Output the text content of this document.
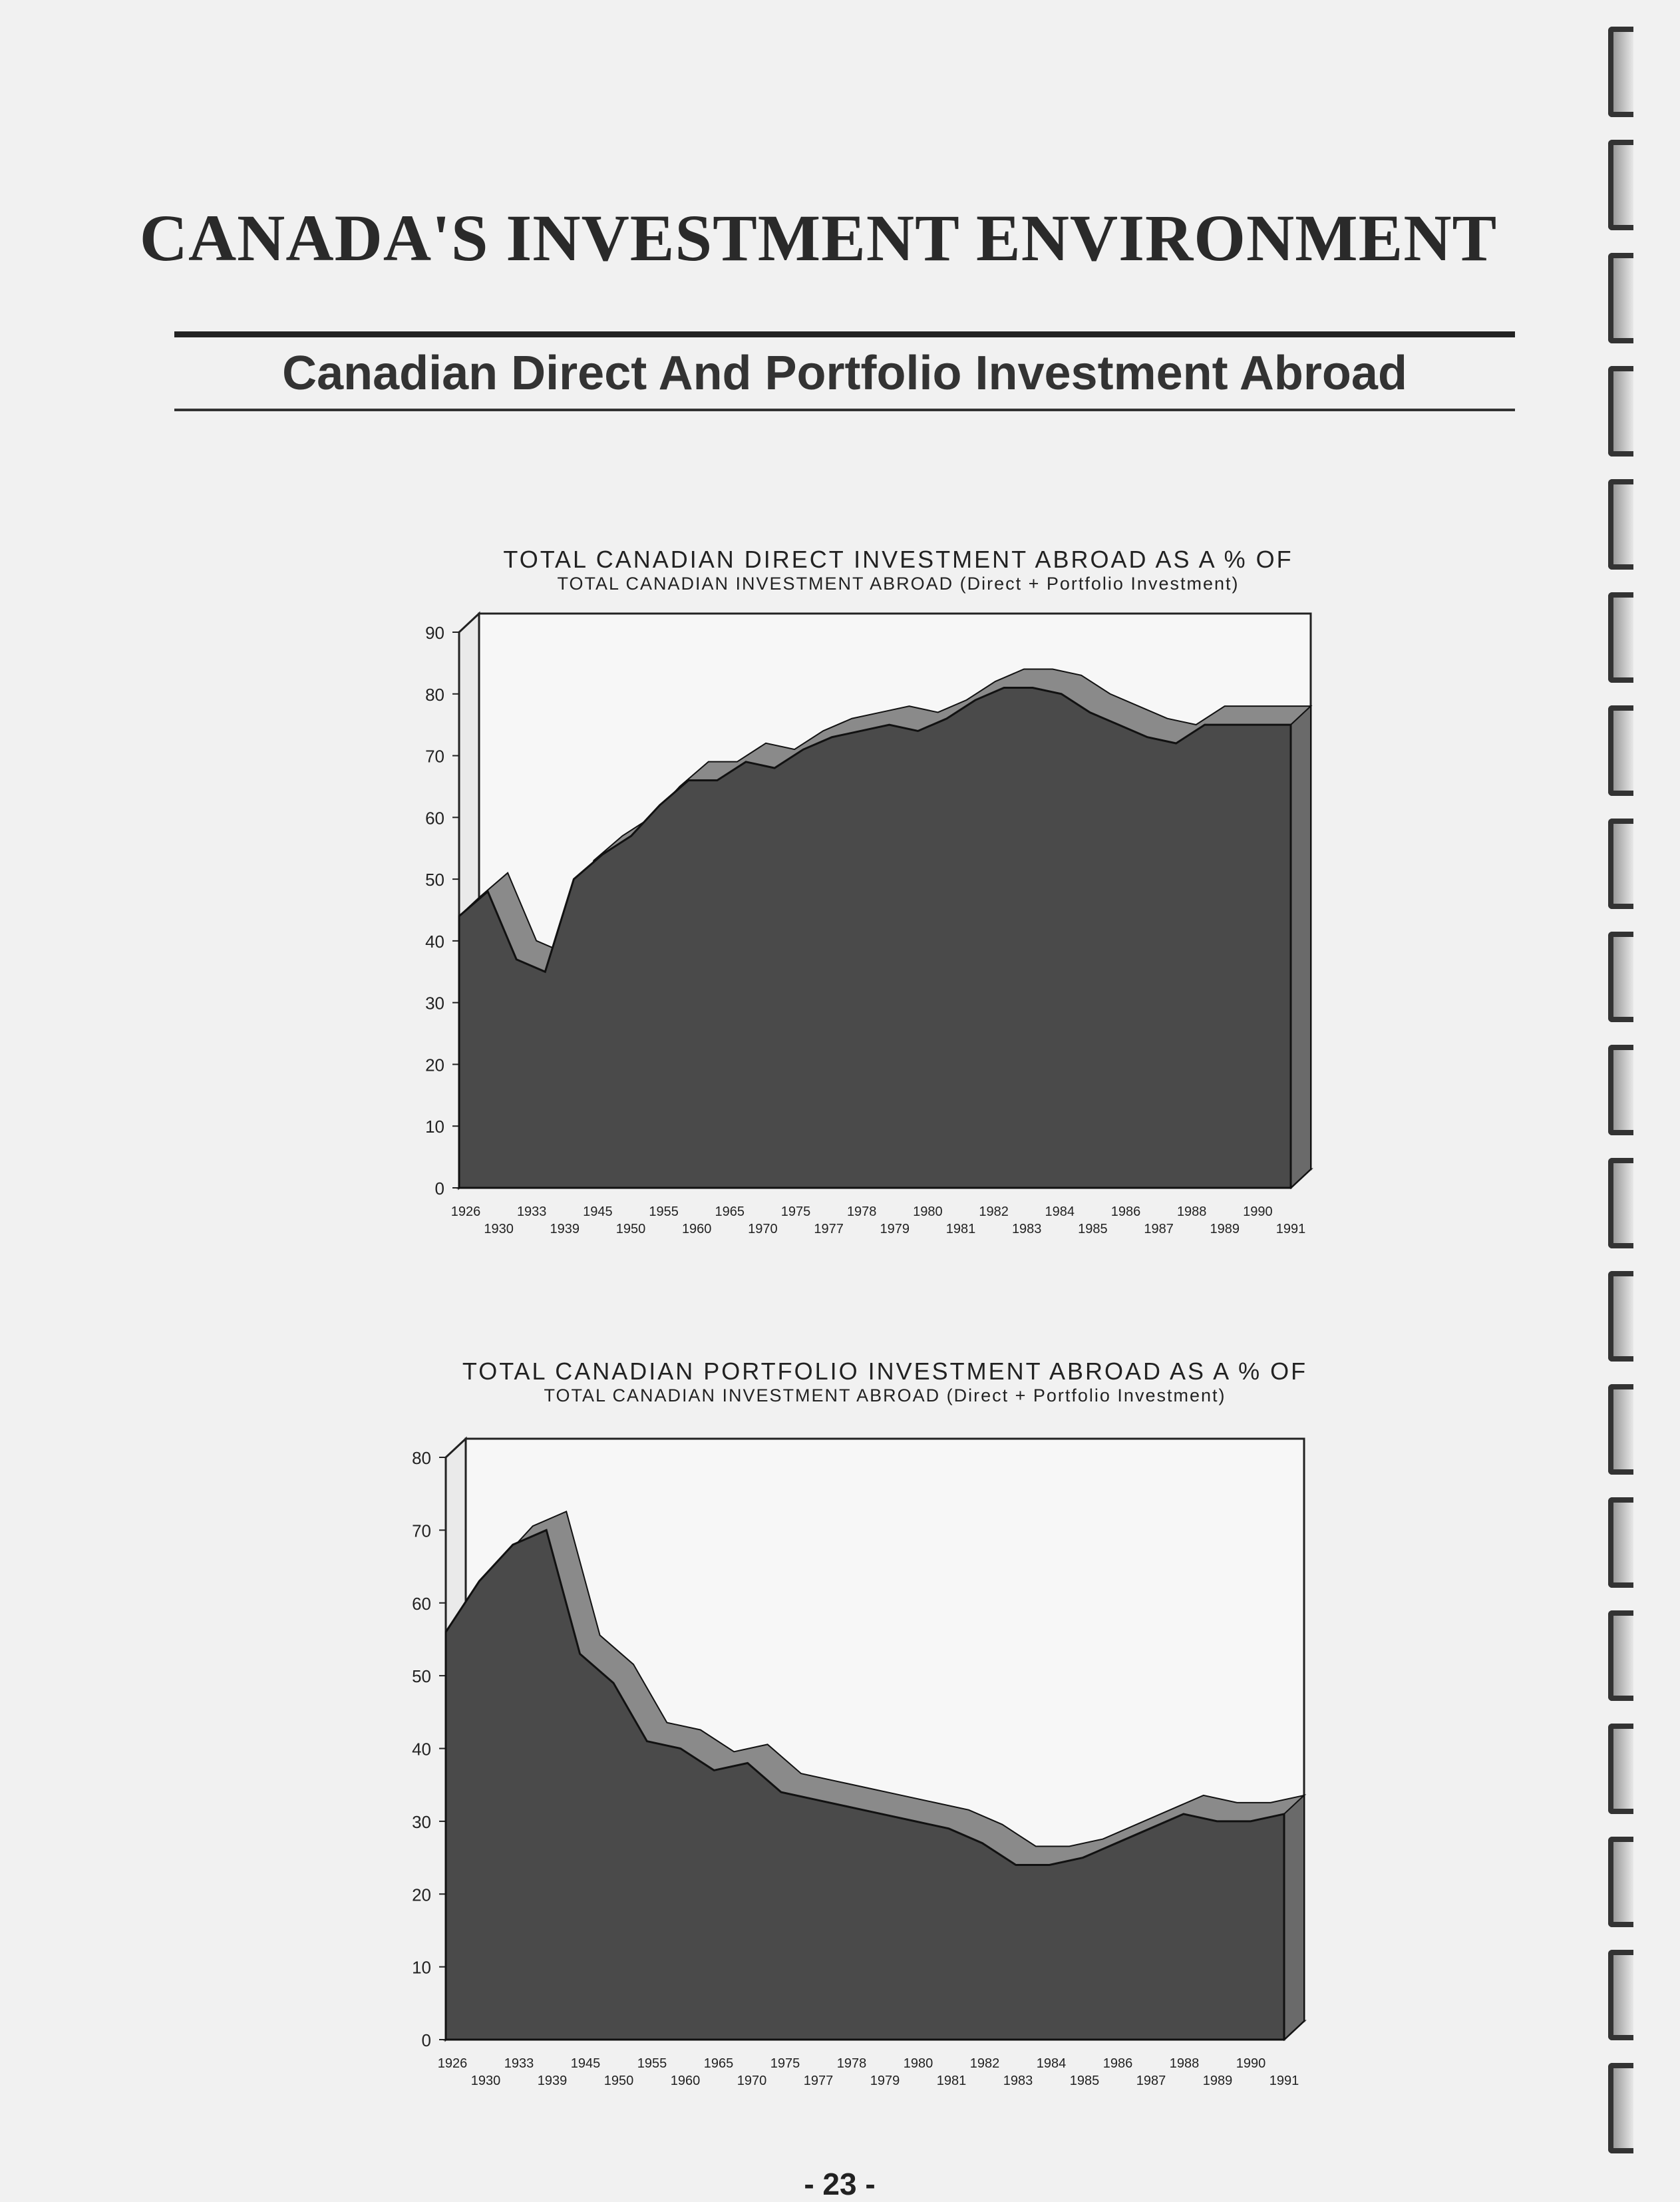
CANADA'S INVESTMENT ENVIRONMENT
Canadian Direct And Portfolio Investment Abroad
TOTAL CANADIAN DIRECT INVESTMENT ABROAD AS A % OF
TOTAL CANADIAN INVESTMENT ABROAD (Direct + Portfolio Investment)
0
10
20
30
40
50
60
70
80
90
1926
1930
1933
1939
1945
1950
1955
1960
1965
1970
1975
1977
1978
1979
1980
1981
1982
1983
1984
1985
1986
1987
1988
1989
1990
1991
TOTAL CANADIAN PORTFOLIO INVESTMENT ABROAD AS A % OF
TOTAL CANADIAN INVESTMENT ABROAD (Direct + Portfolio Investment)
0
10
20
30
40
50
60
70
80
1926
1930
1933
1939
1945
1950
1955
1960
1965
1970
1975
1977
1978
1979
1980
1981
1982
1983
1984
1985
1986
1987
1988
1989
1990
1991
- 23 -
